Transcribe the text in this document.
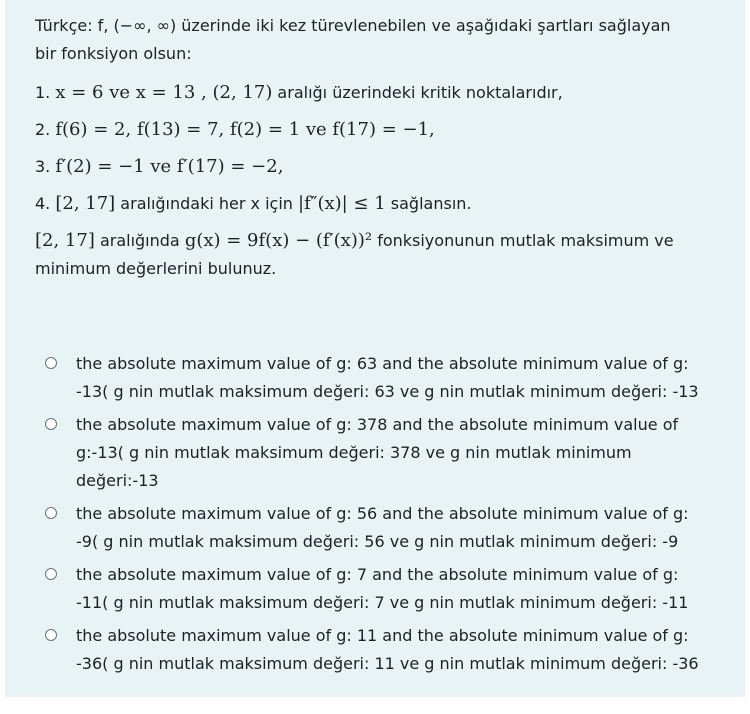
Türkçe: f, (−∞, ∞) üzerinde iki kez türevlenebilen ve aşağıdaki şartları sağlayan
bir fonksiyon olsun:
1. x = 6 ve x = 13 , (2, 17) aralığı üzerindeki kritik noktalarıdır,
2. f(6) = 2, f(13) = 7, f(2) = 1 ve f(17) = −1,
3. f′(2) = −1 ve f′(17) = −2,
4. [2, 17] aralığındaki her x için |f″(x)| ≤ 1 sağlansın.
[2, 17] aralığında g(x) = 9f(x) − (f′(x))² fonksiyonunun mutlak maksimum ve
minimum değerlerini bulunuz.
the absolute maximum value of g: 63 and the absolute minimum value of g:
-13( g nin mutlak maksimum değeri: 63 ve g nin mutlak minimum değeri: -13
the absolute maximum value of g: 378 and the absolute minimum value of
g:-13( g nin mutlak maksimum değeri: 378 ve g nin mutlak minimum
değeri:-13
the absolute maximum value of g: 56 and the absolute minimum value of g:
-9( g nin mutlak maksimum değeri: 56 ve g nin mutlak minimum değeri: -9
the absolute maximum value of g: 7 and the absolute minimum value of g:
-11( g nin mutlak maksimum değeri: 7 ve g nin mutlak minimum değeri: -11
the absolute maximum value of g: 11 and the absolute minimum value of g:
-36( g nin mutlak maksimum değeri: 11 ve g nin mutlak minimum değeri: -36
